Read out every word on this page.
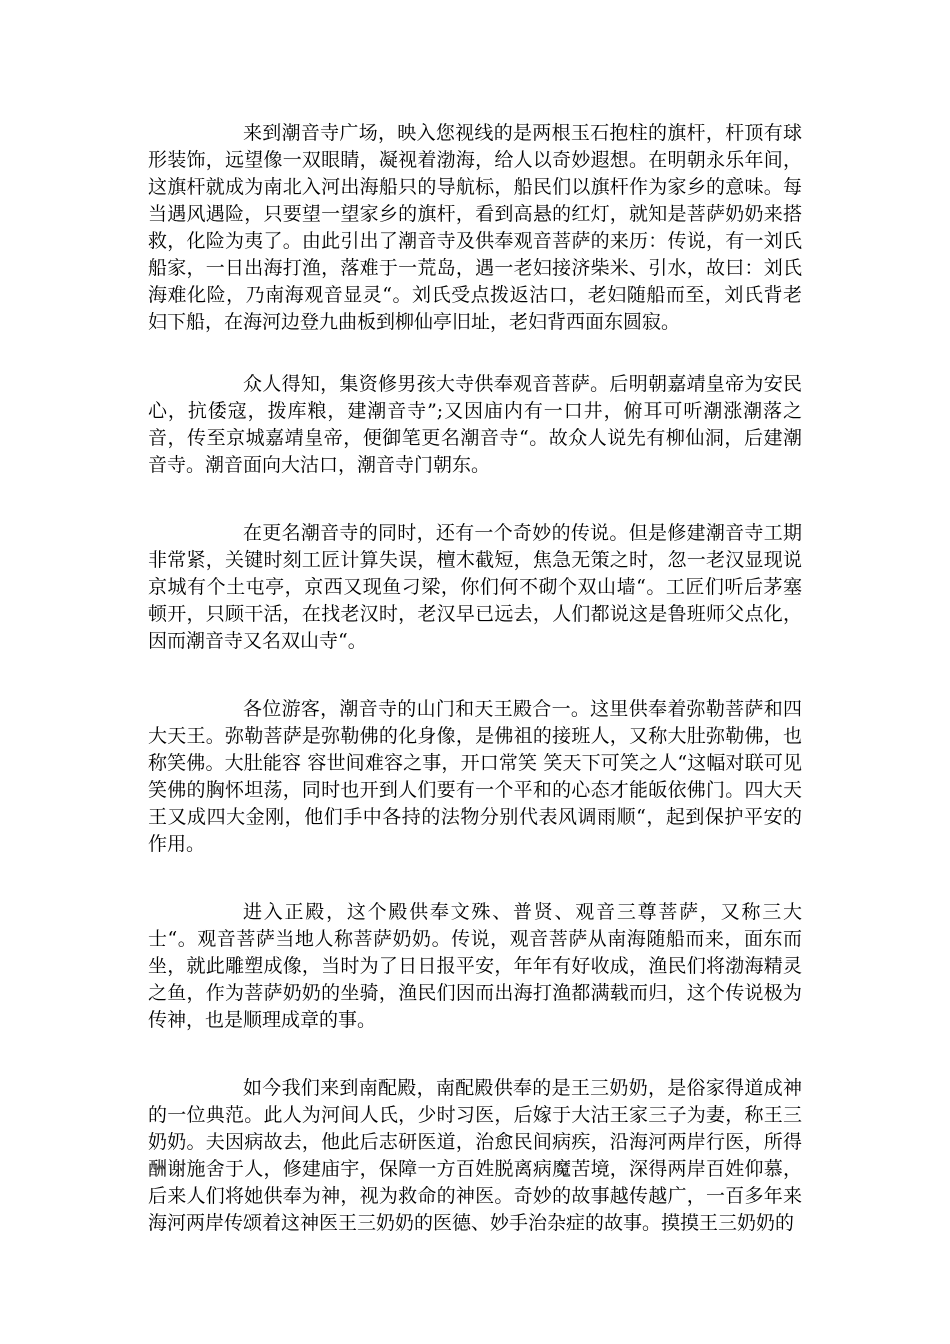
来到潮音寺广场，映入您视线的是两根玉石抱柱的旗杆，杆顶有球形装饰，远望像一双眼睛，凝视着渤海，给人以奇妙遐想。在明朝永乐年间，这旗杆就成为南北入河出海船只的导航标，船民们以旗杆作为家乡的意味。每当遇风遇险，只要望一望家乡的旗杆，看到高悬的红灯，就知是菩萨奶奶来搭救，化险为夷了。由此引出了潮音寺及供奉观音菩萨的来历：传说，有一刘氏船家，一日出海打渔，落难于一荒岛，遇一老妇接济柴米、引水，故曰：刘氏海难化险，乃南海观音显灵“。刘氏受点拨返沽口，老妇随船而至，刘氏背老妇下船，在海河边登九曲板到柳仙亭旧址，老妇背西面东圆寂。

众人得知，集资修男孩大寺供奉观音菩萨。后明朝嘉靖皇帝为安民心，抗倭寇，拨库粮，建潮音寺”;又因庙内有一口井，俯耳可听潮涨潮落之音，传至京城嘉靖皇帝，便御笔更名潮音寺“。故众人说先有柳仙洞，后建潮音寺。潮音面向大沽口，潮音寺门朝东。

在更名潮音寺的同时，还有一个奇妙的传说。但是修建潮音寺工期非常紧，关键时刻工匠计算失误，檀木截短，焦急无策之时，忽一老汉显现说京城有个土屯亭，京西又现鱼刁梁，你们何不砌个双山墙“。工匠们听后茅塞顿开，只顾干活，在找老汉时，老汉早已远去，人们都说这是鲁班师父点化，因而潮音寺又名双山寺“。

各位游客，潮音寺的山门和天王殿合一。这里供奉着弥勒菩萨和四大天王。弥勒菩萨是弥勒佛的化身像，是佛祖的接班人，又称大肚弥勒佛，也称笑佛。大肚能容 容世间难容之事，开口常笑 笑天下可笑之人“这幅对联可见笑佛的胸怀坦荡，同时也开到人们要有一个平和的心态才能皈依佛门。四大天王又成四大金刚，他们手中各持的法物分别代表风调雨顺“，起到保护平安的作用。

进入正殿，这个殿供奉文殊、普贤、观音三尊菩萨，又称三大士“。观音菩萨当地人称菩萨奶奶。传说，观音菩萨从南海随船而来，面东而坐，就此雕塑成像，当时为了日日报平安，年年有好收成，渔民们将渤海精灵之鱼，作为菩萨奶奶的坐骑，渔民们因而出海打渔都满载而归，这个传说极为传神，也是顺理成章的事。

如今我们来到南配殿，南配殿供奉的是王三奶奶，是俗家得道成神的一位典范。此人为河间人氏，少时习医，后嫁于大沽王家三子为妻，称王三奶奶。夫因病故去，他此后志研医道，治愈民间病疾，沿海河两岸行医，所得酬谢施舍于人，修建庙宇，保障一方百姓脱离病魔苦境，深得两岸百姓仰慕，后来人们将她供奉为神，视为救命的神医。奇妙的故事越传越广，一百多年来海河两岸传颂着这神医王三奶奶的医德、妙手治杂症的故事。摸摸王三奶奶的
